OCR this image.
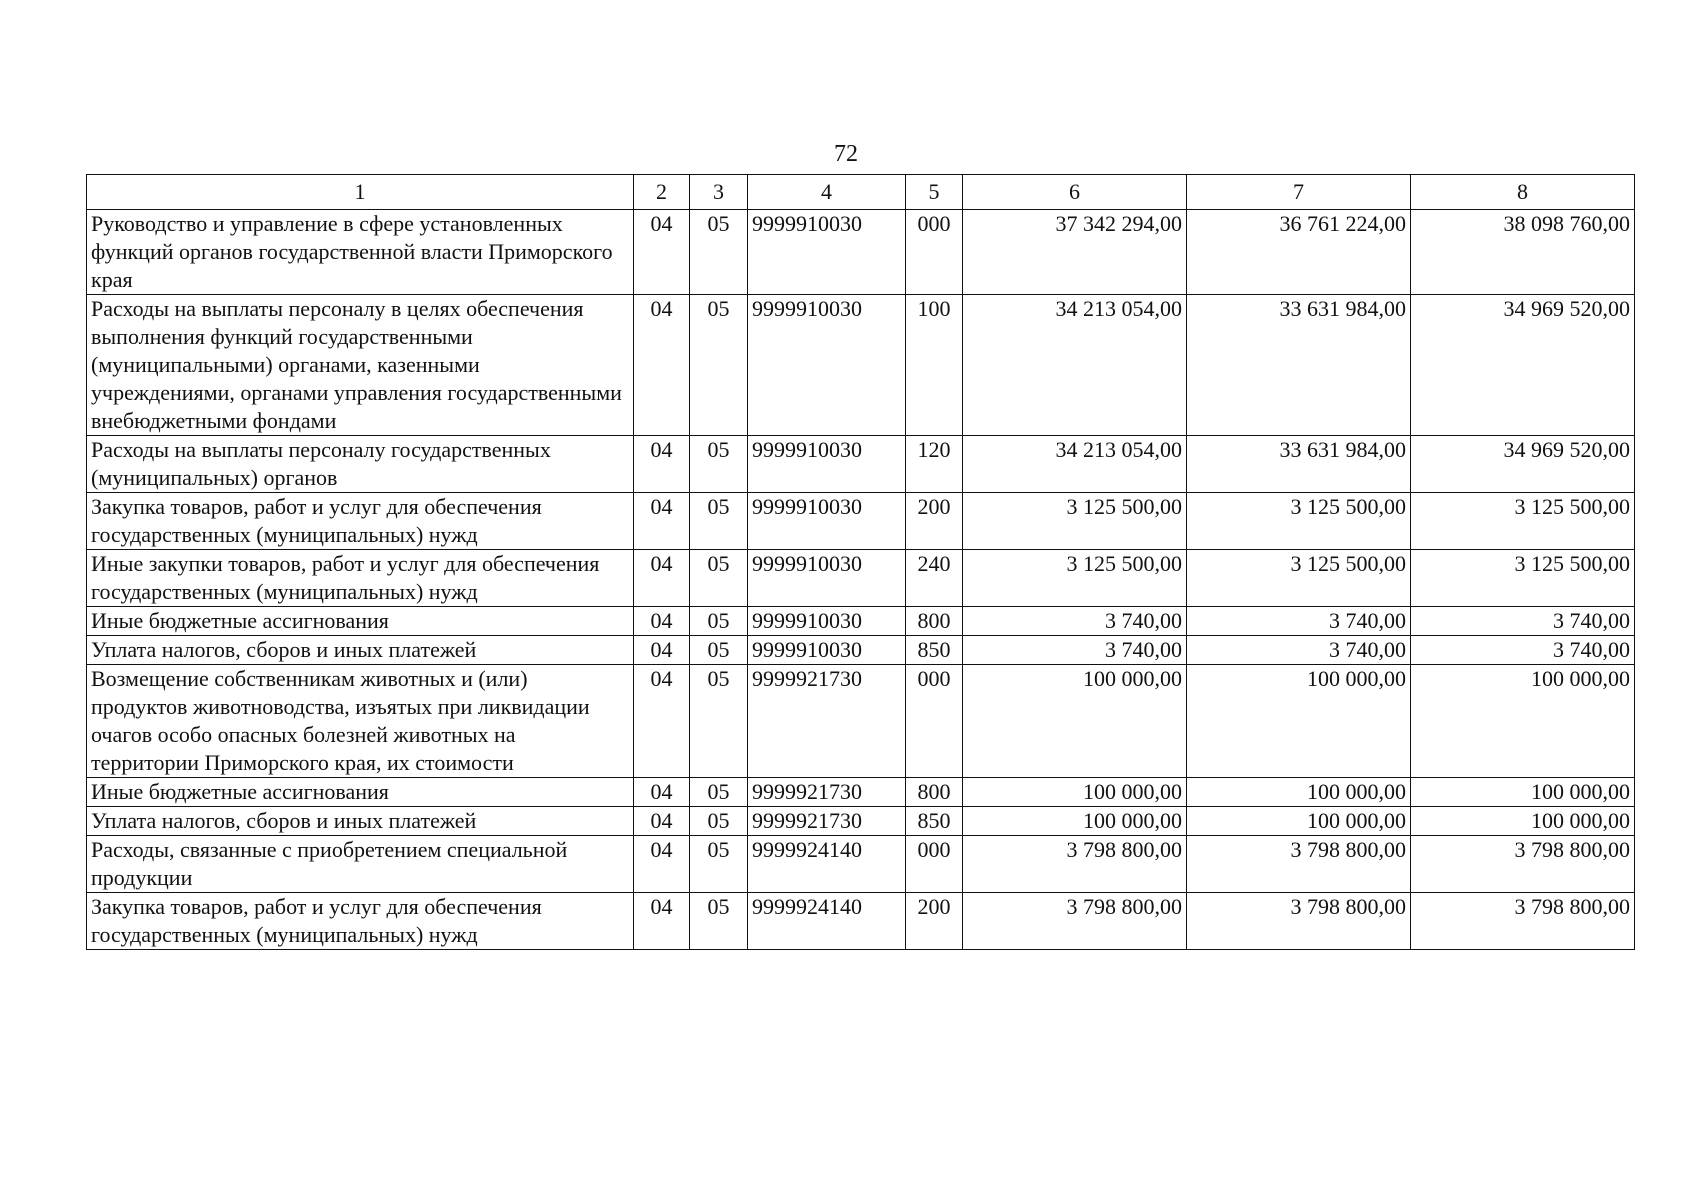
72
1	2	3	4	5	6	7	8
Руководство и управление в сфере установленных функций органов государственной власти Приморского края	04	05	9999910030	000	37 342 294,00	36 761 224,00	38 098 760,00
Расходы на выплаты персоналу в целях обеспечения выполнения функций государственными (муниципальными) органами, казенными учреждениями, органами управления государственными внебюджетными фондами	04	05	9999910030	100	34 213 054,00	33 631 984,00	34 969 520,00
Расходы на выплаты персоналу государственных (муниципальных) органов	04	05	9999910030	120	34 213 054,00	33 631 984,00	34 969 520,00
Закупка товаров, работ и услуг для обеспечения государственных (муниципальных) нужд	04	05	9999910030	200	3 125 500,00	3 125 500,00	3 125 500,00
Иные закупки товаров, работ и услуг для обеспечения государственных (муниципальных) нужд	04	05	9999910030	240	3 125 500,00	3 125 500,00	3 125 500,00
Иные бюджетные ассигнования	04	05	9999910030	800	3 740,00	3 740,00	3 740,00
Уплата налогов, сборов и иных платежей	04	05	9999910030	850	3 740,00	3 740,00	3 740,00
Возмещение собственникам животных и (или) продуктов животноводства, изъятых при ликвидации очагов особо опасных болезней животных на территории Приморского края, их стоимости	04	05	9999921730	000	100 000,00	100 000,00	100 000,00
Иные бюджетные ассигнования	04	05	9999921730	800	100 000,00	100 000,00	100 000,00
Уплата налогов, сборов и иных платежей	04	05	9999921730	850	100 000,00	100 000,00	100 000,00
Расходы, связанные с приобретением специальной продукции	04	05	9999924140	000	3 798 800,00	3 798 800,00	3 798 800,00
Закупка товаров, работ и услуг для обеспечения государственных (муниципальных) нужд	04	05	9999924140	200	3 798 800,00	3 798 800,00	3 798 800,00
